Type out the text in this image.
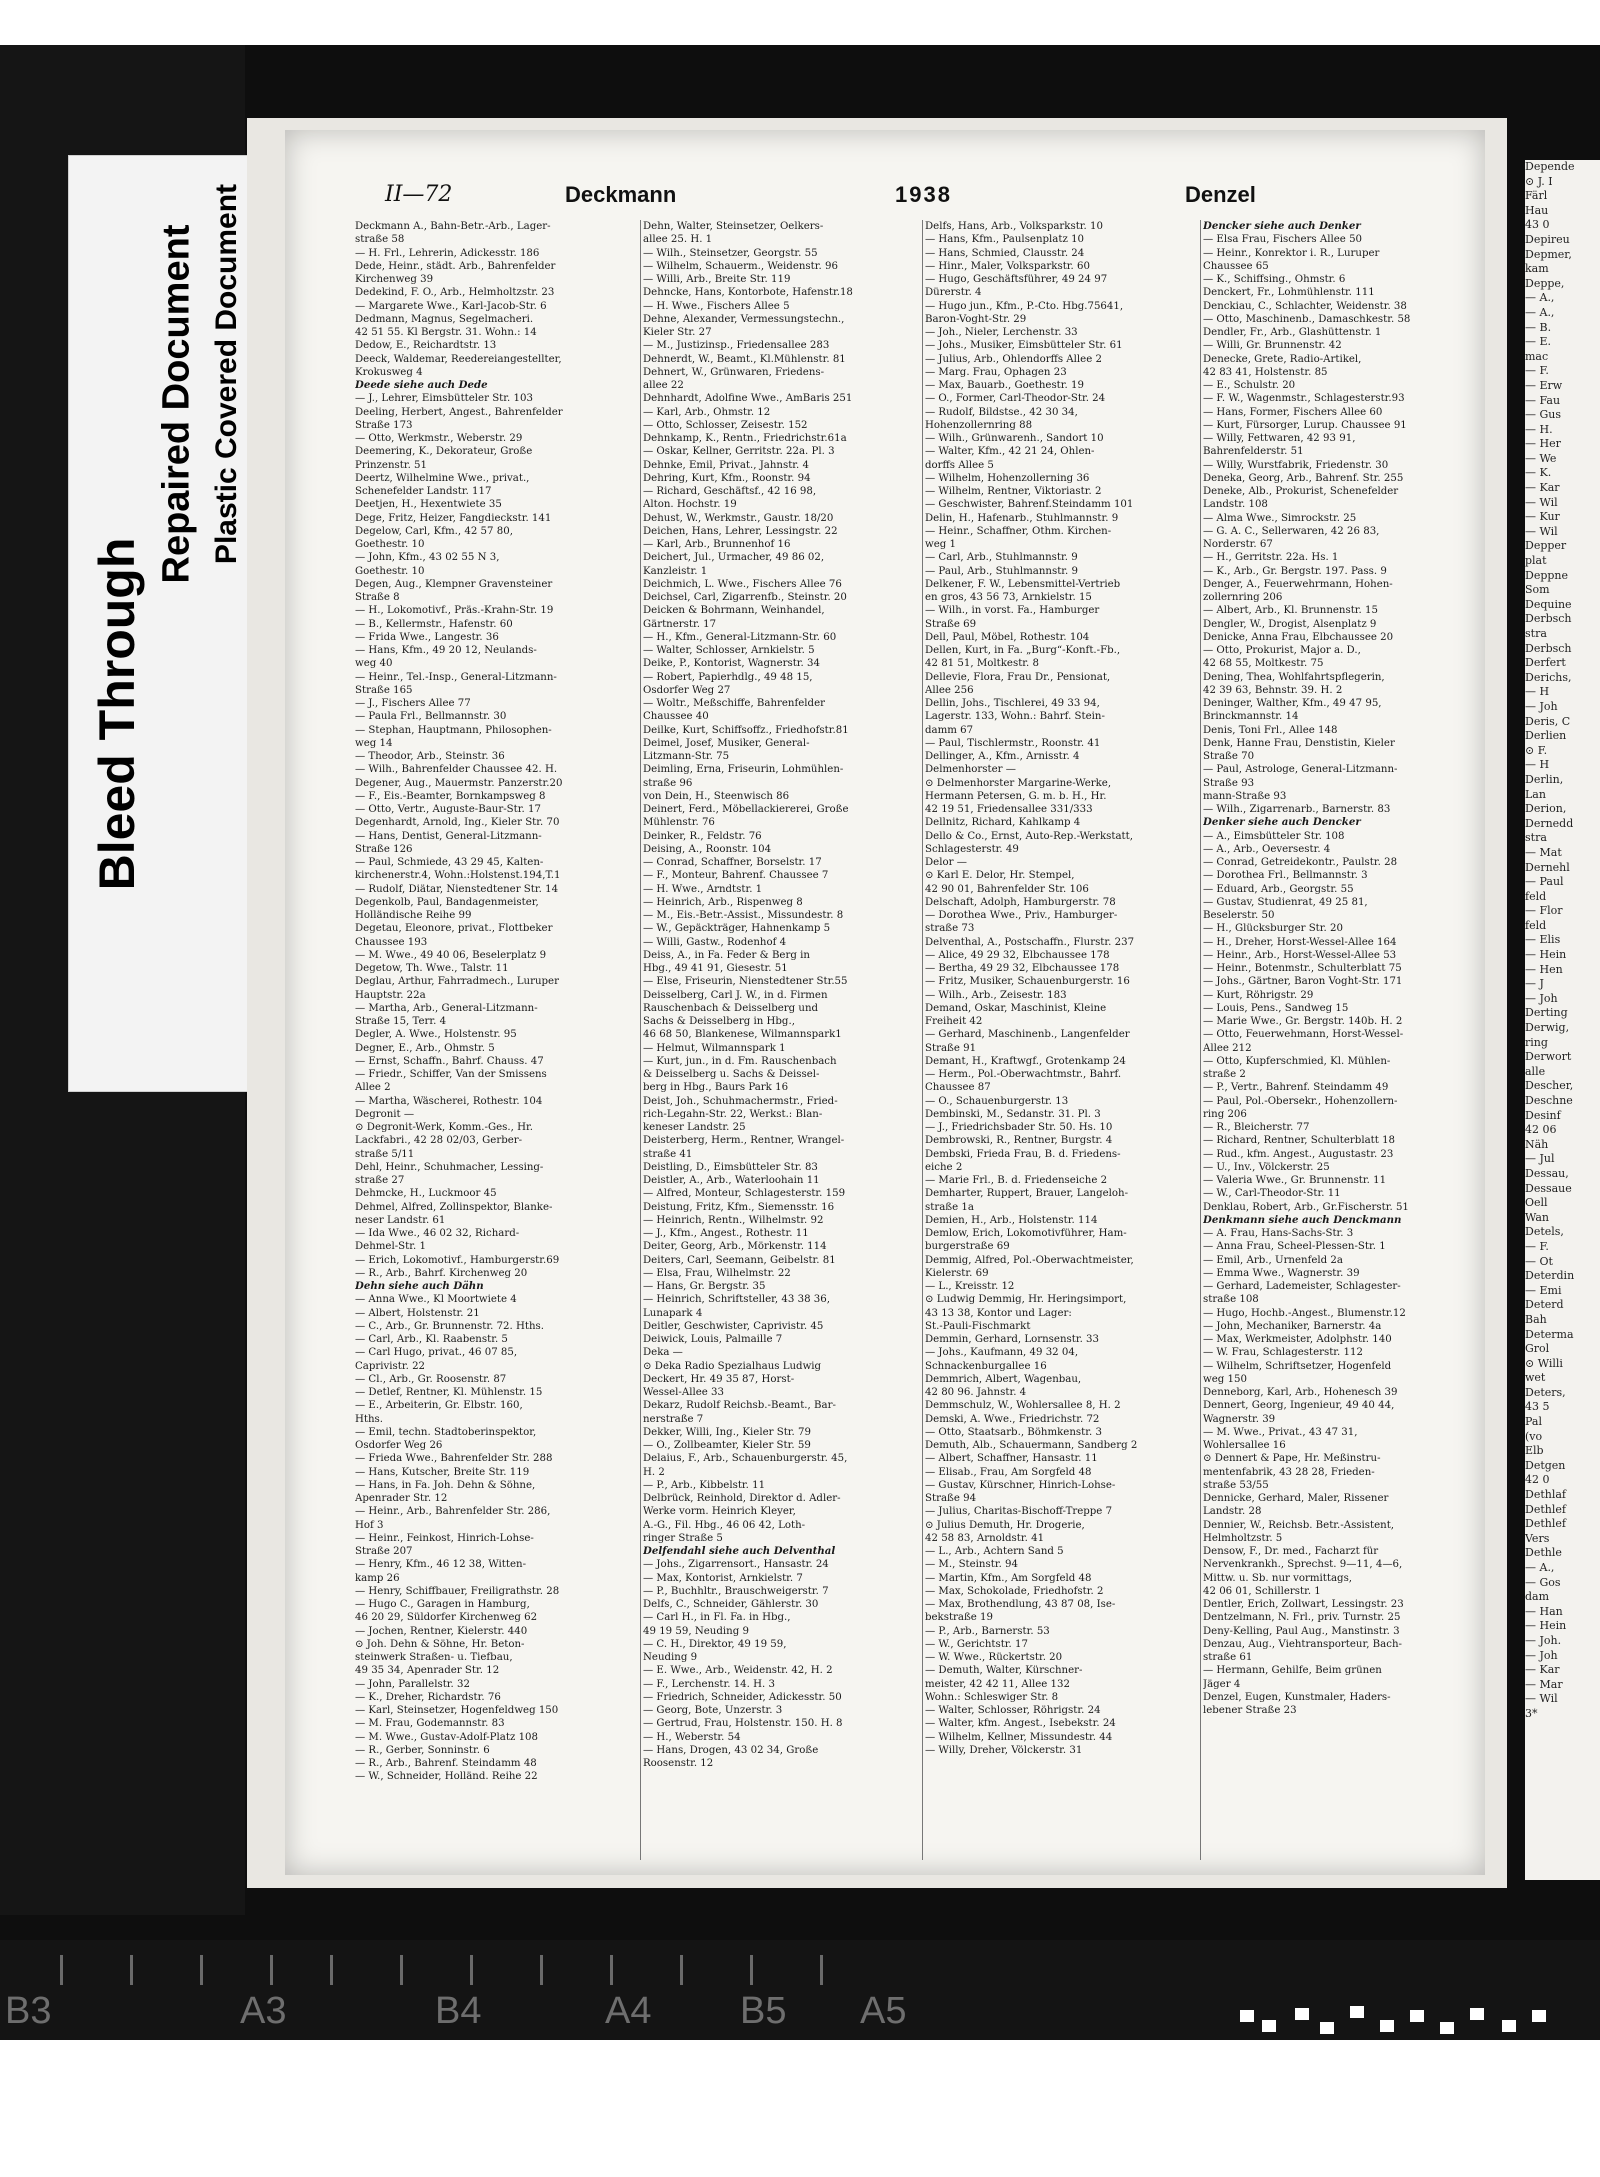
Bleed Through
Repaired Document Plastic Covered Document	II—72	Deckmann	1938	Denzel

Deckmann A., Bahn-Betr.-Arb., Lager-

straße 58

— H. Frl., Lehrerin, Adickesstr. 186

Dede, Heinr., städt. Arb., Bahrenfelder

Kirchenweg 39

Dedekind, F. O., Arb., Helmholtzstr. 23

— Margarete Wwe., Karl-Jacob-Str. 6

Dedmann, Magnus, Segelmacheri.

42 51 55. Kl Bergstr. 31. Wohn.: 14

Dedow, E., Reichardtstr. 13

Deeck, Waldemar, Reedereiangestellter,

Krokusweg 4

Deede siehe auch Dede

— J., Lehrer, Eimsbütteler Str. 103

Deeling, Herbert, Angest., Bahrenfelder

Straße 173

— Otto, Werkmstr., Weberstr. 29

Deemering, K., Dekorateur, Große

Prinzenstr. 51

Deertz, Wilhelmine Wwe., privat.,

Schenefelder Landstr. 117

Deetjen, H., Hexentwiete 35

Dege, Fritz, Heizer, Fangdieckstr. 141

Degelow, Carl, Kfm., 42 57 80,

Goethestr. 10

— John, Kfm., 43 02 55 N 3,

Goethestr. 10

Degen, Aug., Klempner Gravensteiner

Straße 8

— H., Lokomotivf., Präs.-Krahn-Str. 19

— B., Kellermstr., Hafenstr. 60

— Frida Wwe., Langestr. 36

— Hans, Kfm., 49 20 12, Neulands-

weg 40

— Heinr., Tel.-Insp., General-Litzmann-

Straße 165

— J., Fischers Allee 77

— Paula Frl., Bellmannstr. 30

— Stephan, Hauptmann, Philosophen-

weg 14

— Theodor, Arb., Steinstr. 36

— Wilh., Bahrenfelder Chaussee 42. H.

Degener, Aug., Mauermstr. Panzerstr.20

— F., Eis.-Beamter, Bornkampsweg 8

— Otto, Vertr., Auguste-Baur-Str. 17

Degenhardt, Arnold, Ing., Kieler Str. 70

— Hans, Dentist, General-Litzmann-

Straße 126

— Paul, Schmiede, 43 29 45, Kalten-

kirchenerstr.4, Wohn.:Holstenst.194,T.1

— Rudolf, Diätar, Nienstedtener Str. 14

Degenkolb, Paul, Bandagenmeister,

Holländische Reihe 99

Degetau, Eleonore, privat., Flottbeker

Chaussee 193

— M. Wwe., 49 40 06, Beselerplatz 9

Degetow, Th. Wwe., Talstr. 11

Deglau, Arthur, Fahrradmech., Luruper

Hauptstr. 22a

— Martha, Arb., General-Litzmann-

Straße 15, Terr. 4

Degler, A. Wwe., Holstenstr. 95

Degner, E., Arb., Ohmstr. 5

— Ernst, Schaffn., Bahrf. Chauss. 47

— Friedr., Schiffer, Van der Smissens

Allee 2

— Martha, Wäscherei, Rothestr. 104

Degronit —

⊙ Degronit-Werk, Komm.-Ges., Hr.

Lackfabri., 42 28 02/03, Gerber-

straße 5/11

Dehl, Heinr., Schuhmacher, Lessing-

straße 27

Dehmcke, H., Luckmoor 45

Dehmel, Alfred, Zollinspektor, Blanke-

neser Landstr. 61

— Ida Wwe., 46 02 32, Richard-

Dehmel-Str. 1

— Erich, Lokomotivf., Hamburgerstr.69

— R., Arb., Bahrf. Kirchenweg 20

Dehn siehe auch Dähn

— Anna Wwe., Kl Moortwiete 4

— Albert, Holstenstr. 21

— C., Arb., Gr. Brunnenstr. 72. Hths.

— Carl, Arb., Kl. Raabenstr. 5

— Carl Hugo, privat., 46 07 85,

Caprivistr. 22

— Cl., Arb., Gr. Roosenstr. 87

— Detlef, Rentner, Kl. Mühlenstr. 15

— E., Arbeiterin, Gr. Elbstr. 160,

Hths.

— Emil, techn. Stadtoberinspektor,

Osdorfer Weg 26

— Frieda Wwe., Bahrenfelder Str. 288

— Hans, Kutscher, Breite Str. 119

— Hans, in Fa. Joh. Dehn & Söhne,

Apenrader Str. 12

— Heinr., Arb., Bahrenfelder Str. 286,

Hof 3

— Heinr., Feinkost, Hinrich-Lohse-

Straße 207

— Henry, Kfm., 46 12 38, Witten-

kamp 26

— Henry, Schiffbauer, Freiligrathstr. 28

— Hugo C., Garagen in Hamburg,

46 20 29, Süldorfer Kirchenweg 62

— Jochen, Rentner, Kielerstr. 440

⊙ Joh. Dehn & Söhne, Hr. Beton-

steinwerk Straßen- u. Tiefbau,

49 35 34, Apenrader Str. 12

— John, Parallelstr. 32

— K., Dreher, Richardstr. 76

— Karl, Steinsetzer, Hogenfeldweg 150

— M. Frau, Godemannstr. 83

— M. Wwe., Gustav-Adolf-Platz 108

— R., Gerber, Sonninstr. 6

— R., Arb., Bahrenf. Steindamm 48

— W., Schneider, Holländ. Reihe 22

Dehn, Walter, Steinsetzer, Oelkers-

allee 25. H. 1

— Wilh., Steinsetzer, Georgstr. 55

— Wilhelm, Schauerm., Weidenstr. 96

— Willi, Arb., Breite Str. 119

Dehncke, Hans, Kontorbote, Hafenstr.18

— H. Wwe., Fischers Allee 5

Dehne, Alexander, Vermessungstechn.,

Kieler Str. 27

— M., Justizinsp., Friedensallee 283

Dehnerdt, W., Beamt., Kl.Mühlenstr. 81

Dehnert, W., Grünwaren, Friedens-

allee 22

Dehnhardt, Adolfine Wwe., AmBaris 251

— Karl, Arb., Ohmstr. 12

— Otto, Schlosser, Zeisestr. 152

Dehnkamp, K., Rentn., Friedrichstr.61a

— Oskar, Kellner, Gerritstr. 22a. Pl. 3

Dehnke, Emil, Privat., Jahnstr. 4

Dehring, Kurt, Kfm., Roonstr. 94

— Richard, Geschäftsf., 42 16 98,

Alton. Hochstr. 19

Dehust, W., Werkmstr., Gaustr. 18/20

Deichen, Hans, Lehrer, Lessingstr. 22

— Karl, Arb., Brunnenhof 16

Deichert, Jul., Urmacher, 49 86 02,

Kanzleistr. 1

Deichmich, L. Wwe., Fischers Allee 76

Deichsel, Carl, Zigarrenfb., Steinstr. 20

Deicken & Bohrmann, Weinhandel,

Gärtnerstr. 17

— H., Kfm., General-Litzmann-Str. 60

— Walter, Schlosser, Arnkielstr. 5

Deike, P., Kontorist, Wagnerstr. 34

— Robert, Papierhdlg., 49 48 15,

Osdorfer Weg 27

— Woltr., Meßschiffe, Bahrenfelder

Chaussee 40

Deilke, Kurt, Schiffsoffz., Friedhofstr.81

Deimel, Josef, Musiker, General-

Litzmann-Str. 75

Deimling, Erna, Friseurin, Lohmühlen-

straße 96

von Dein, H., Steenwisch 86

Deinert, Ferd., Möbellackiererei, Große

Mühlenstr. 76

Deinker, R., Feldstr. 76

Deising, A., Roonstr. 104

— Conrad, Schaffner, Borselstr. 17

— F., Monteur, Bahrenf. Chaussee 7

— H. Wwe., Arndtstr. 1

— Heinrich, Arb., Rispenweg 8

— M., Eis.-Betr.-Assist., Missundestr. 8

— W., Gepäckträger, Hahnenkamp 5

— Willi, Gastw., Rodenhof 4

Deiss, A., in Fa. Feder & Berg in

Hbg., 49 41 91, Giesestr. 51

— Else, Friseurin, Nienstedtener Str.55

Deisselberg, Carl J. W., in d. Firmen

Rauschenbach & Deisselberg und

Sachs & Deisselberg in Hbg.,

46 68 50, Blankenese, Wilmannspark1

— Helmut, Wilmannspark 1

— Kurt, jun., in d. Fm. Rauschenbach

& Deisselberg u. Sachs & Deissel-

berg in Hbg., Baurs Park 16

Deist, Joh., Schuhmachermstr., Fried-

rich-Legahn-Str. 22, Werkst.: Blan-

keneser Landstr. 25

Deisterberg, Herm., Rentner, Wrangel-

straße 41

Deistling, D., Eimsbütteler Str. 83

Deistler, A., Arb., Waterloohain 11

— Alfred, Monteur, Schlagesterstr. 159

Deistung, Fritz, Kfm., Siemensstr. 16

— Heinrich, Rentn., Wilhelmstr. 92

— J., Kfm., Angest., Rothestr. 11

Deiter, Georg, Arb., Mörkenstr. 114

Deiters, Carl, Seemann, Geibelstr. 81

— Elsa, Frau, Wilhelmstr. 22

— Hans, Gr. Bergstr. 35

— Heinrich, Schriftsteller, 43 38 36,

Lunapark 4

Deitler, Geschwister, Caprivistr. 45

Deiwick, Louis, Palmaille 7

Deka —

⊙ Deka Radio Spezialhaus Ludwig

Deckert, Hr. 49 35 87, Horst-

Wessel-Allee 33

Dekarz, Rudolf Reichsb.-Beamt., Bar-

nerstraße 7

Dekker, Willi, Ing., Kieler Str. 79

— O., Zollbeamter, Kieler Str. 59

Delaius, F., Arb., Schauenburgerstr. 45,

H. 2

— P., Arb., Kibbelstr. 11

Delbrück, Reinhold, Direktor d. Adler-

Werke vorm. Heinrich Kleyer,

A.-G., Fil. Hbg., 46 06 42, Loth-

ringer Straße 5

Delfendahl siehe auch Delventhal

— Johs., Zigarrensort., Hansastr. 24

— Max, Kontorist, Arnkielstr. 7

— P., Buchhltr., Brauschweigerstr. 7

Delfs, C., Schneider, Gählerstr. 30

— Carl H., in Fl. Fa. in Hbg.,

49 19 59, Neuding 9

— C. H., Direktor, 49 19 59,

Neuding 9

— E. Wwe., Arb., Weidenstr. 42, H. 2

— F., Lerchenstr. 14. H. 3

— Friedrich, Schneider, Adickesstr. 50

— Georg, Bote, Unzerstr. 3

— Gertrud, Frau, Holstenstr. 150. H. 8

— H., Weberstr. 54

— Hans, Drogen, 43 02 34, Große

Roosenstr. 12

Delfs, Hans, Arb., Volksparkstr. 10

— Hans, Kfm., Paulsenplatz 10

— Hans, Schmied, Clausstr. 24

— Hinr., Maler, Volksparkstr. 60

— Hugo, Geschäftsführer, 49 24 97

Dürerstr. 4

— Hugo jun., Kfm., P.-Cto. Hbg.75641,

Baron-Voght-Str. 29

— Joh., Nieler, Lerchenstr. 33

— Johs., Musiker, Eimsbütteler Str. 61

— Julius, Arb., Ohlendorffs Allee 2

— Marg. Frau, Ophagen 23

— Max, Bauarb., Goethestr. 19

— O., Former, Carl-Theodor-Str. 24

— Rudolf, Bildstse., 42 30 34,

Hohenzollernring 88

— Wilh., Grünwarenh., Sandort 10

— Walter, Kfm., 42 21 24, Ohlen-

dorffs Allee 5

— Wilhelm, Hohenzollerning 36

— Wilhelm, Rentner, Viktoriastr. 2

— Geschwister, Bahrenf.Steindamm 101

Delin, H., Hafenarb., Stuhlmannstr. 9

— Heinr., Schaffner, Othm. Kirchen-

weg 1

— Carl, Arb., Stuhlmannstr. 9

— Paul, Arb., Stuhlmannstr. 9

Delkener, F. W., Lebensmittel-Vertrieb

en gros, 43 56 73, Arnkielstr. 15

— Wilh., in vorst. Fa., Hamburger

Straße 69

Dell, Paul, Möbel, Rothestr. 104

Dellen, Kurt, in Fa. „Burg“-Konft.-Fb.,

42 81 51, Moltkestr. 8

Dellevie, Flora, Frau Dr., Pensionat,

Allee 256

Dellin, Johs., Tischlerei, 49 33 94,

Lagerstr. 133, Wohn.: Bahrf. Stein-

damm 67

— Paul, Tischlermstr., Roonstr. 41

Dellinger, A., Kfm., Arnisstr. 4

Delmenhorster —

⊙ Delmenhorster Margarine-Werke,

Hermann Petersen, G. m. b. H., Hr.

42 19 51, Friedensallee 331/333

Dellnitz, Richard, Kahlkamp 4

Dello & Co., Ernst, Auto-Rep.-Werkstatt,

Schlagesterstr. 49

Delor —

⊙ Karl E. Delor, Hr. Stempel,

42 90 01, Bahrenfelder Str. 106

Delschaft, Adolph, Hamburgerstr. 78

— Dorothea Wwe., Priv., Hamburger-

straße 73

Delventhal, A., Postschaffn., Flurstr. 237

— Alice, 49 29 32, Elbchaussee 178

— Bertha, 49 29 32, Elbchaussee 178

— Fritz, Musiker, Schauenburgerstr. 16

— Wilh., Arb., Zeisestr. 183

Demand, Oskar, Maschinist, Kleine

Freiheit 42

— Gerhard, Maschinenb., Langenfelder

Straße 91

Demant, H., Kraftwgf., Grotenkamp 24

— Herm., Pol.-Oberwachtmstr., Bahrf.

Chaussee 87

— O., Schauenburgerstr. 13

Dembinski, M., Sedanstr. 31. Pl. 3

— J., Friedrichsbader Str. 50. Hs. 10

Dembrowski, R., Rentner, Burgstr. 4

Dembski, Frieda Frau, B. d. Friedens-

eiche 2

— Marie Frl., B. d. Friedenseiche 2

Demharter, Ruppert, Brauer, Langeloh-

straße 1a

Demien, H., Arb., Holstenstr. 114

Demlow, Erich, Lokomotivführer, Ham-

burgerstraße 69

Demmig, Alfred, Pol.-Oberwachtmeister,

Kielerstr. 69

— L., Kreisstr. 12

⊙ Ludwig Demmig, Hr. Heringsimport,

43 13 38, Kontor und Lager:

St.-Pauli-Fischmarkt

Demmin, Gerhard, Lornsenstr. 33

— Johs., Kaufmann, 49 32 04,

Schnackenburgallee 16

Demmrich, Albert, Wagenbau,

42 80 96. Jahnstr. 4

Demmschulz, W., Wohlersallee 8, H. 2

Demski, A. Wwe., Friedrichstr. 72

— Otto, Staatsarb., Böhmkenstr. 3

Demuth, Alb., Schauermann, Sandberg 2

— Albert, Schaffner, Hansastr. 11

— Elisab., Frau, Am Sorgfeld 48

— Gustav, Kürschner, Hinrich-Lohse-

Straße 94

— Julius, Charitas-Bischoff-Treppe 7

⊙ Julius Demuth, Hr. Drogerie,

42 58 83, Arnoldstr. 41

— L., Arb., Achtern Sand 5

— M., Steinstr. 94

— Martin, Kfm., Am Sorgfeld 48

— Max, Schokolade, Friedhofstr. 2

— Max, Brothendlung, 43 87 08, Ise-

bekstraße 19

— P., Arb., Barnerstr. 53

— W., Gerichtstr. 17

— W. Wwe., Rückertstr. 20

— Demuth, Walter, Kürschner-

meister, 42 42 11, Allee 132

Wohn.: Schleswiger Str. 8

— Walter, Schlosser, Röhrigstr. 24

— Walter, kfm. Angest., Isebekstr. 24

— Wilhelm, Kellner, Missundestr. 44

— Willy, Dreher, Völckerstr. 31

Dencker siehe auch Denker

— Elsa Frau, Fischers Allee 50

— Heinr., Konrektor i. R., Luruper

Chaussee 65

— K., Schiffsing., Ohmstr. 6

Denckert, Fr., Lohmühlenstr. 111

Denckiau, C., Schlachter, Weidenstr. 38

— Otto, Maschinenb., Damaschkestr. 58

Dendler, Fr., Arb., Glashüttenstr. 1

— Willi, Gr. Brunnenstr. 42

Denecke, Grete, Radio-Artikel,

42 83 41, Holstenstr. 85

— E., Schulstr. 20

— F. W., Wagenmstr., Schlagesterstr.93

— Hans, Former, Fischers Allee 60

— Kurt, Fürsorger, Lurup. Chaussee 91

— Willy, Fettwaren, 42 93 91,

Bahrenfelderstr. 51

— Willy, Wurstfabrik, Friedenstr. 30

Deneka, Georg, Arb., Bahrenf. Str. 255

Deneke, Alb., Prokurist, Schenefelder

Landstr. 108

— Alma Wwe., Simrockstr. 25

— G. A. C., Sellerwaren, 42 26 83,

Norderstr. 67

— H., Gerritstr. 22a. Hs. 1

— K., Arb., Gr. Bergstr. 197. Pass. 9

Denger, A., Feuerwehrmann, Hohen-

zollernring 206

— Albert, Arb., Kl. Brunnenstr. 15

Dengler, W., Drogist, Alsenplatz 9

Denicke, Anna Frau, Elbchaussee 20

— Otto, Prokurist, Major a. D.,

42 68 55, Moltkestr. 75

Dening, Thea, Wohlfahrtspflegerin,

42 39 63, Behnstr. 39. H. 2

Deninger, Walther, Kfm., 49 47 95,

Brinckmannstr. 14

Denis, Toni Frl., Allee 148

Denk, Hanne Frau, Denstistin, Kieler

Straße 70

— Paul, Astrologe, General-Litzmann-

Straße 93

mann-Straße 93

— Wilh., Zigarrenarb., Barnerstr. 83

Denker siehe auch Dencker

— A., Eimsbütteler Str. 108

— A., Arb., Oeversestr. 4

— Conrad, Getreidekontr., Paulstr. 28

— Dorothea Frl., Bellmannstr. 3

— Eduard, Arb., Georgstr. 55

— Gustav, Studienrat, 49 25 81,

Beselerstr. 50

— H., Glücksburger Str. 20

— H., Dreher, Horst-Wessel-Allee 164

— Heinr., Arb., Horst-Wessel-Allee 53

— Heinr., Botenmstr., Schulterblatt 75

— Johs., Gärtner, Baron Voght-Str. 171

— Kurt, Röhrigstr. 29

— Louis, Pens., Sandweg 15

— Marie Wwe., Gr. Bergstr. 140b. H. 2

— Otto, Feuerwehmann, Horst-Wessel-

Allee 212

— Otto, Kupferschmied, Kl. Mühlen-

straße 2

— P., Vertr., Bahrenf. Steindamm 49

— Paul, Pol.-Obersekr., Hohenzollern-

ring 206

— R., Bleicherstr. 77

— Richard, Rentner, Schulterblatt 18

— Rud., kfm. Angest., Augustastr. 23

— U., Inv., Völckerstr. 25

— Valeria Wwe., Gr. Brunnenstr. 11

— W., Carl-Theodor-Str. 11

Denklau, Robert, Arb., Gr.Fischerstr. 51

Denkmann siehe auch Denckmann

— A. Frau, Hans-Sachs-Str. 3

— Anna Frau, Scheel-Plessen-Str. 1

— Emil, Arb., Urnenfeld 2a

— Emma Wwe., Wagnerstr. 39

— Gerhard, Lademeister, Schlagester-

straße 108

— Hugo, Hochb.-Angest., Blumenstr.12

— John, Mechaniker, Barnerstr. 4a

— Max, Werkmeister, Adolphstr. 140

— W. Frau, Schlagesterstr. 112

— Wilhelm, Schriftsetzer, Hogenfeld

weg 150

Denneborg, Karl, Arb., Hohenesch 39

Dennert, Georg, Ingenieur, 49 40 44,

Wagnerstr. 39

— M. Wwe., Privat., 43 47 31,

Wohlersallee 16

⊙ Dennert & Pape, Hr. Meßinstru-

mentenfabrik, 43 28 28, Frieden-

straße 53/55

Dennicke, Gerhard, Maler, Rissener

Landstr. 28

Dennier, W., Reichsb. Betr.-Assistent,

Helmholtzstr. 5

Densow, F., Dr. med., Facharzt für

Nervenkrankh., Sprechst. 9—11, 4—6,

Mittw. u. Sb. nur vormittags,

42 06 01, Schillerstr. 1

Dentler, Erich, Zollwart, Lessingstr. 23

Dentzelmann, N. Frl., priv. Turnstr. 25

Deny-Kelling, Paul Aug., Manstinstr. 3

Denzau, Aug., Viehtransporteur, Bach-

straße 61

— Hermann, Gehilfe, Beim grünen

Jäger 4

Denzel, Eugen, Kunstmaler, Haders-

lebener Straße 23

Depende

⊙ J. I

Färl

Hau

43 0

Depireu

Depmer,

kam

Deppe,

— A.,

— A.,

— B.

— E.

mac

— F.

— Erw

— Fau

— Gus

— H.

— Her

— We

— K.

— Kar

— Wil

— Kur

— Wil

Depper

plat

Deppne

Som

Dequine

Derbsch

stra

Derbsch

Derfert

Derichs,

— H

— Joh

Deris, C

Derlien

⊙ F.

— H

Derlin,

Lan

Derion,

Dernedd

stra

— Mat

Dernehl

— Paul

feld

— Flor

feld

— Elis

— Hein

— Hen

— J

— Joh

Derting

Derwig,

ring

Derwort

alle

Descher,

Deschne

Desinf

42 06

Näh

— Jul

Dessau,

Dessaue

Oell

Wan

Detels,

— F.

— Ot

Deterdin

— Emi

Deterd

Bah

Determa

Grol

⊙ Willi

wet

Deters,

43 5

Pal

(vo

Elb

Detgen

42 0

Dethlaf

Dethlef

Dethlef

Vers

Dethle

— A.,

— Gos

dam

— Han

— Hein

— Joh.

— Joh

— Kar

— Mar

— Wil

3*

B3	A3	B4	A4 B5 A5
